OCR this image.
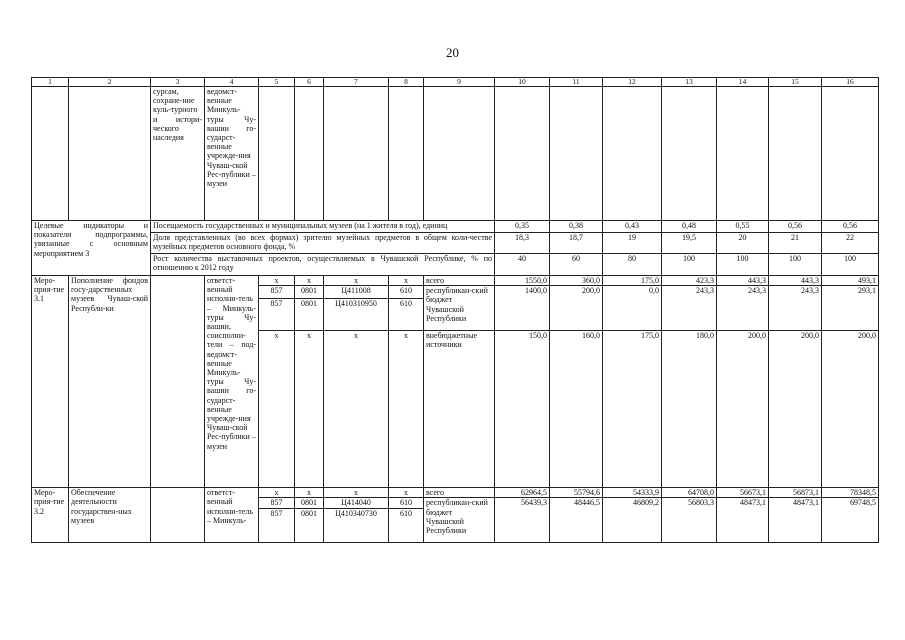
20
1	2	3	4	5	6	7	8	9	10	11	12	13	14	15	16
		сурсам, сохране-ние куль-турного и истори-ческого наследия	ведомст-венные Минкуль-туры Чу-вашии го-сударст-венные учрежде-ния Чуваш-ской Рес-публики – музеи												
Целевые индикаторы и показатели подпрограммы, увязанные с основным мероприятием 3		Посещаемость государственных и муниципальных музеев (на 1 жителя в год), единиц							0,35	0,38	0,43	0,48	0,55	0,56	0,56
		Доля представленных (во всех формах) зрителю музейных предметов в общем коли-честве музейных предметов основного фонда, %							18,3	18,7	19	19,5	20	21	22
		Рост количества выставочных проектов, осуществляемых в Чувашской Республике, % по отношению к 2012 году							40	60	80	100	100	100	100
Меро-прия-тие 3.1	Пополнение фондов госу-дарственных музеев Чуваш-ской Республи-ки		ответст-венный исполни-тель – Минкуль-туры Чу-вашии, соисполни-тели – под-ведомст-венные Минкуль-туры Чу-вашии го-сударст-венные учрежде-ния Чуваш-ской Рес-публики – музеи	х	х	х	х	всего	1550,0	360,0	175,0	423,3	443,3	443,3	493,1
				857	0801	Ц411008	610	республикан-ский бюджет Чувашской Республики	1400,0	200,0	0,0	243,3	243,3	243,3	293,1
				857	0801	Ц410310950	610								
				х	х	х	х	внебюджетные источники	150,0	160,0	175,0	180,0	200,0	200,0	200,0
Меро-прия-тие 3.2	Обеспечение деятельности государствен-ных музеев		ответст-венный исполни-тель – Минкуль-	х	х	х	х	всего	62964,5	55794,6	54333,9	64708,0	56673,1	56873,1	78348,5
				857	0801	Ц414040	610	республикан-ский бюджет Чувашской Республики	56439,3	48446,5	46809,2	56803,3	48473,1	48473,1	69748,5
				857	0801	Ц410340730	610								
